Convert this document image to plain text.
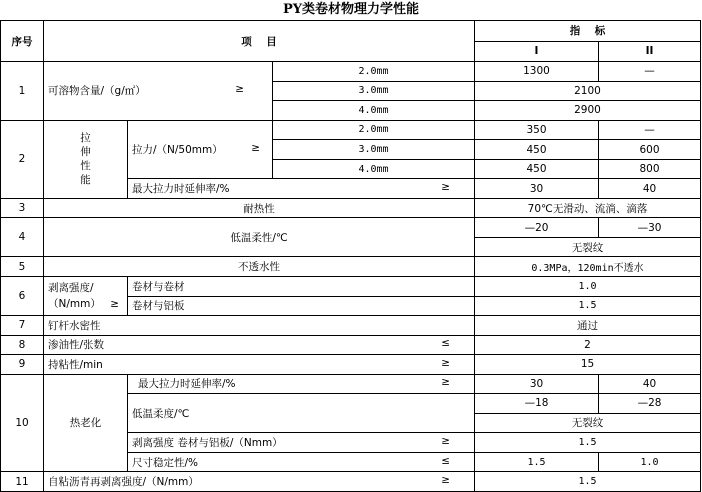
PY类卷材物理力学性能
序号	项    目			指    标	
				I	II
1	可溶物含量/（g/㎡） ≥		2.0mm	1300	—
			3.0mm	2100	
			4.0mm	2900	
2	拉伸性能	拉力/（N/50mm） ≥	2.0mm	350	—
			3.0mm	450	600
			4.0mm	450	800
		最大拉力时延伸率/% ≥		30	40
3	耐热性			70℃无滑动、流淌、滴落	
4	低温柔性/℃			—20	—30
				无裂纹	
5	不透水性			0.3MPa，120min不透水	
6	剥离强度/（N/mm） ≥	卷材与卷材		1.0	
		卷材与铝板		1.5	
7	钉杆水密性			通过	
8	渗油性/张数 ≤			2	
9	持粘性/min ≥			15	
10	热老化	最大拉力时延伸率/% ≥		30	40
		低温柔度/℃		—18	—28
				无裂纹	
		剥离强度 卷材与铝板/（Nmm） ≥		1.5	
		尺寸稳定性/% ≤		1.5	1.0
11	自粘沥青再剥离强度/（N/mm） ≥			1.5	
